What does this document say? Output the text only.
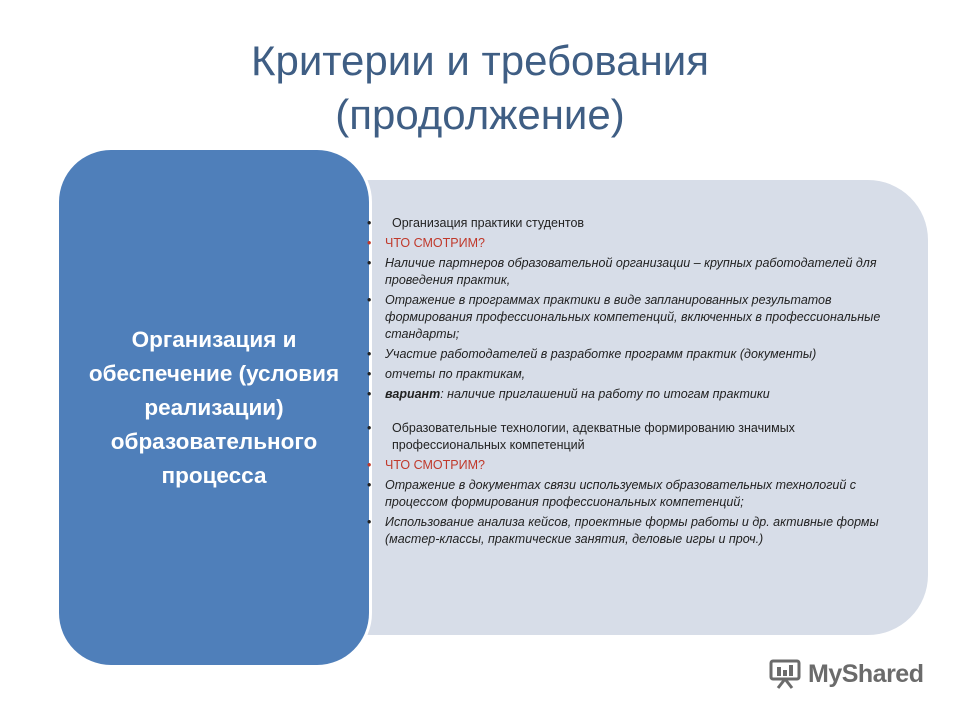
Критерии и требования
(продолжение)
Организация и обеспечение (условия реализации) образовательного процесса
•	Организация практики студентов
• ЧТО СМОТРИМ?
• Наличие партнеров образовательной организации – крупных работодателей для проведения практик,
• Отражение в программах практики в виде запланированных результатов формирования профессиональных компетенций, включенных в профессиональные стандарты;
• Участие работодателей в разработке программ практик (документы)
• отчеты по практикам,
• вариант: наличие приглашений на работу по итогам практики
•	Образовательные технологии, адекватные формированию значимых профессиональных компетенций
• ЧТО СМОТРИМ?
• Отражение в документах связи используемых образовательных технологий с процессом формирования профессиональных компетенций;
• Использование анализа кейсов, проектные формы работы и др. активные формы (мастер-классы, практические занятия, деловые игры и проч.)
MyShared
